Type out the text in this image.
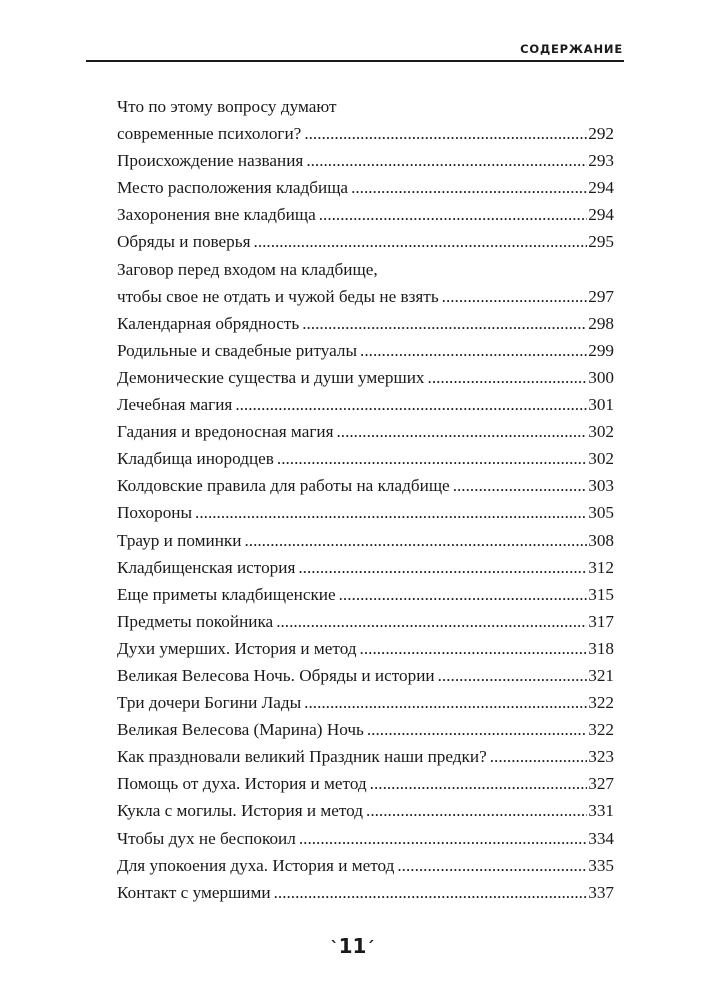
СОДЕРЖАНИЕ
Что по этому вопросу думают
современные психологи? .....	292
Происхождение названия .....	293
Место расположения кладбища .....	294
Захоронения вне кладбища .....	294
Обряды и поверья .....	295
Заговор перед входом на кладбище,
чтобы свое не отдать и чужой беды не взять .....	297
Календарная обрядность .....	298
Родильные и свадебные ритуалы .....	299
Демонические существа и души умерших .....	300
Лечебная магия .....	301
Гадания и вредоносная магия .....	302
Кладбища инородцев .....	302
Колдовские правила для работы на кладбище .....	303
Похороны .....	305
Траур и поминки .....	308
Кладбищенская история .....	312
Еще приметы кладбищенские .....	315
Предметы покойника .....	317
Духи умерших. История и метод .....	318
Великая Велесова Ночь. Обряды и истории .....	321
Три дочери Богини Лады .....	322
Великая Велесова (Марина) Ночь .....	322
Как праздновали великий Праздник наши предки? .....	323
Помощь от духа. История и метод .....	327
Кукла с могилы. История и метод .....	331
Чтобы дух не беспокоил .....	334
Для упокоения духа. История и метод .....	335
Контакт с умершими .....	337
`11´
